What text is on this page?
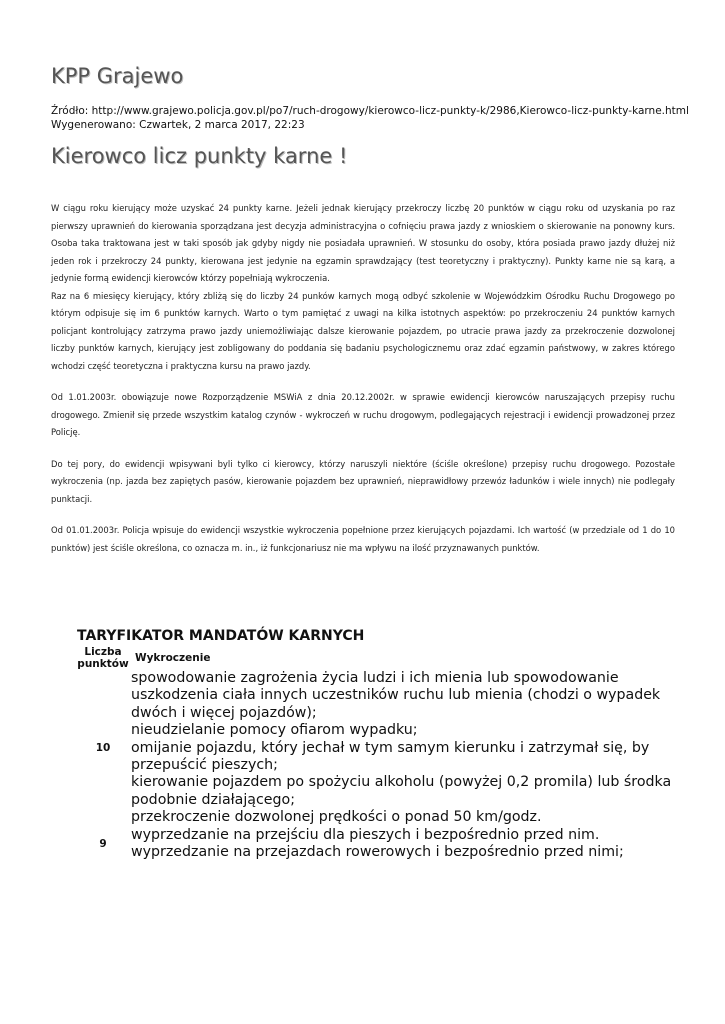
KPP Grajewo
Źródło: http://www.grajewo.policja.gov.pl/po7/ruch-drogowy/kierowco-licz-punkty-k/2986,Kierowco-licz-punkty-karne.html
Wygenerowano: Czwartek, 2 marca 2017, 22:23
Kierowco licz punkty karne !

W ciągu roku kierujący może uzyskać 24 punkty karne. Jeżeli jednak kierujący przekroczy liczbę 20 punktów w ciągu roku od uzyskania po raz pierwszy uprawnień do kierowania sporządzana jest decyzja administracyjna o cofnięciu prawa jazdy z wnioskiem o skierowanie na ponowny kurs. Osoba taka traktowana jest w taki sposób jak gdyby nigdy nie posiadała uprawnień. W stosunku do osoby, która posiada prawo jazdy dłużej niż jeden rok i przekroczy 24 punkty, kierowana jest jedynie na egzamin sprawdzający (test teoretyczny i praktyczny). Punkty karne nie są karą, a jedynie formą ewidencji kierowców którzy popełniają wykroczenia.
Raz na 6 miesięcy kierujący, który zbliżą się do liczby 24 punków karnych mogą odbyć szkolenie w Wojewódzkim Ośrodku Ruchu Drogowego po którym odpisuje się im 6 punktów karnych. Warto o tym pamiętać z uwagi na kilka istotnych aspektów: po przekroczeniu 24 punktów karnych policjant kontrolujący zatrzyma prawo jazdy uniemożliwiając dalsze kierowanie pojazdem, po utracie prawa jazdy za przekroczenie dozwolonej liczby punktów karnych, kierujący jest zobligowany do poddania się badaniu psychologicznemu oraz zdać egzamin państwowy, w zakres którego wchodzi część teoretyczna i praktyczna kursu na prawo jazdy.

Od 1.01.2003r. obowiązuje nowe Rozporządzenie MSWiA z dnia 20.12.2002r. w sprawie ewidencji kierowców naruszających przepisy ruchu drogowego. Zmienił się przede wszystkim katalog czynów - wykroczeń w ruchu drogowym, podlegających rejestracji i ewidencji prowadzonej przez Policję.

Do tej pory, do ewidencji wpisywani byli tylko ci kierowcy, którzy naruszyli niektóre (ściśle określone) przepisy ruchu drogowego. Pozostałe wykroczenia (np. jazda bez zapiętych pasów, kierowanie pojazdem bez uprawnień, nieprawidłowy przewóz ładunków i wiele innych) nie podlegały punktacji.

Od 01.01.2003r. Policja wpisuje do ewidencji wszystkie wykroczenia popełnione przez kierujących pojazdami. Ich wartość (w przedziale od 1 do 10 punktów) jest ściśle określona, co oznacza m. in., iż funkcjonariusz nie ma wpływu na ilość przyznawanych punktów.

TARYFIKATOR MANDATÓW KARNYCH
Liczba punktów	Wykroczenie
10	spowodowanie zagrożenia życia ludzi i ich mienia lub spowodowanie uszkodzenia ciała innych uczestników ruchu lub mienia (chodzi o wypadek dwóch i więcej pojazdów);
nieudzielanie pomocy ofiarom wypadku;
omijanie pojazdu, który jechał w tym samym kierunku i zatrzymał się, by przepuścić pieszych;
kierowanie pojazdem po spożyciu alkoholu (powyżej 0,2 promila) lub środka podobnie działającego;
przekroczenie dozwolonej prędkości o ponad 50 km/godz.

9	wyprzedzanie na przejściu dla pieszych i bezpośrednio przed nim.
wyprzedzanie na przejazdach rowerowych i bezpośrednio przed nimi;
